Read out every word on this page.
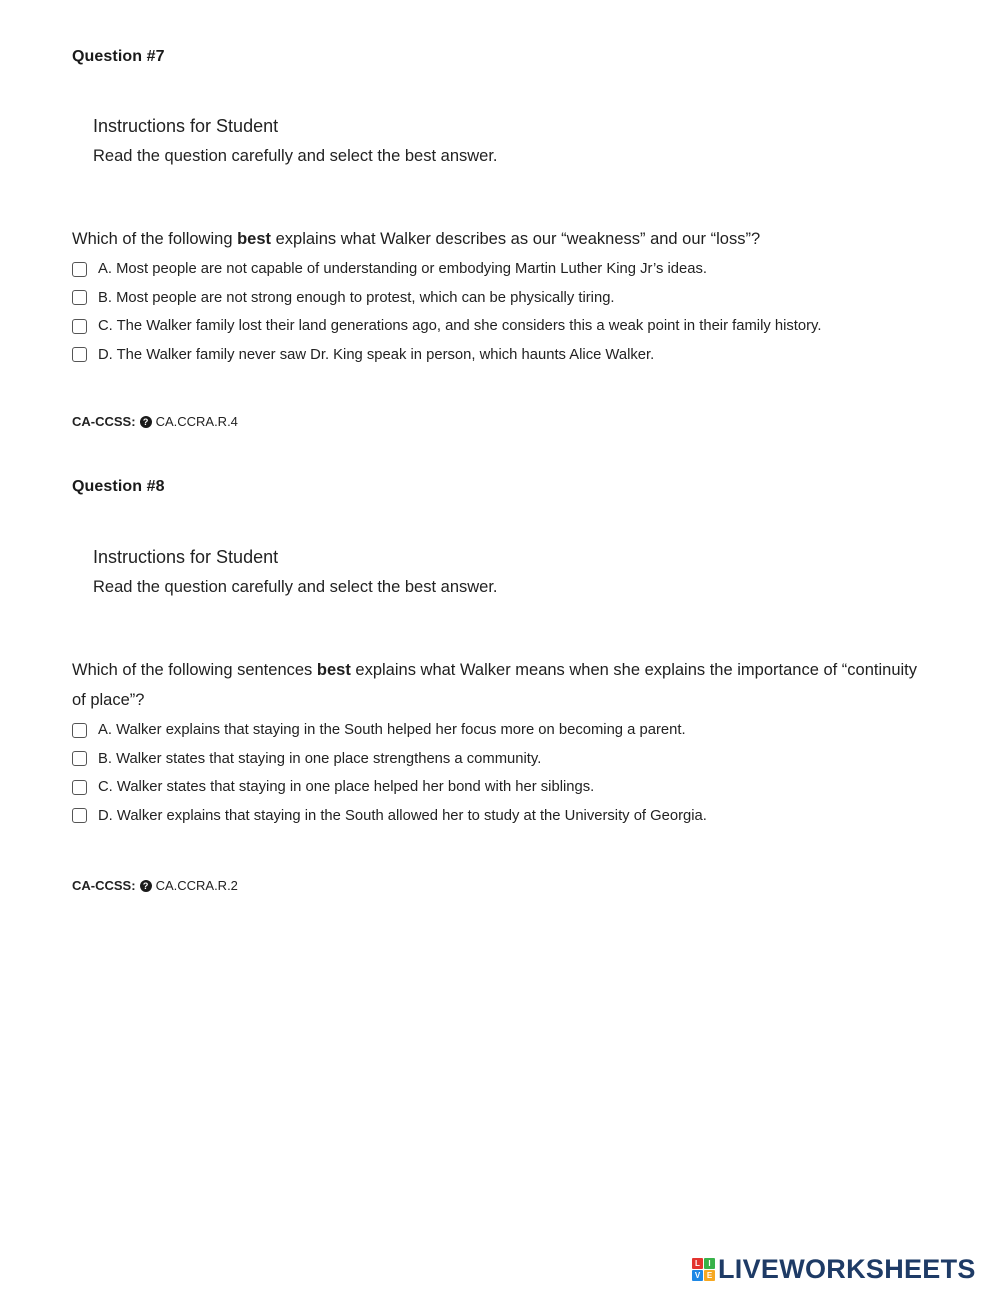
Question #7
Instructions for Student
Read the question carefully and select the best answer.

Which of the following best explains what Walker describes as our “weakness” and our “loss”?

A. Most people are not capable of understanding or embodying Martin Luther King Jr’s ideas.
B. Most people are not strong enough to protest, which can be physically tiring.
C. The Walker family lost their land generations ago, and she considers this a weak point in their family history.
D. The Walker family never saw Dr. King speak in person, which haunts Alice Walker.
CA-CCSS: ? CA.CCRA.R.4
Question #8
Instructions for Student
Read the question carefully and select the best answer.

Which of the following sentences best explains what Walker means when she explains the importance of “continuity of place”?

A. Walker explains that staying in the South helped her focus more on becoming a parent.
B. Walker states that staying in one place strengthens a community.
C. Walker states that staying in one place helped her bond with her siblings.
D. Walker explains that staying in the South allowed her to study at the University of Georgia.
CA-CCSS: ? CA.CCRA.R.2
L	I
V E LIVEWORKSHEETS
